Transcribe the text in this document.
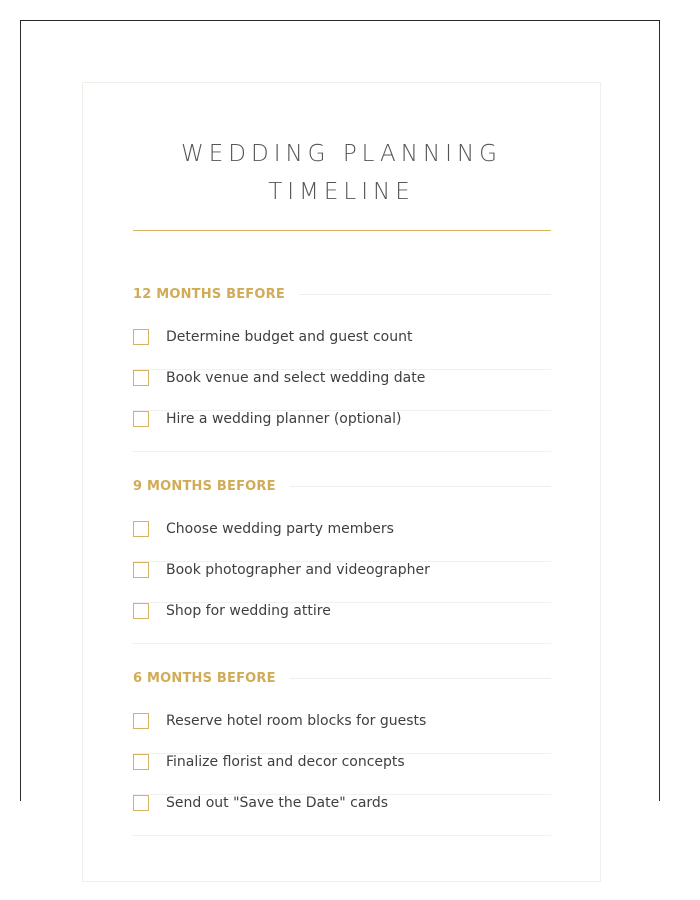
WEDDING PLANNING
TIMELINE
12 MONTHS BEFORE
Determine budget and guest count
Book venue and select wedding date
Hire a wedding planner (optional)
9 MONTHS BEFORE
Choose wedding party members
Book photographer and videographer
Shop for wedding attire
6 MONTHS BEFORE
Reserve hotel room blocks for guests
Finalize florist and decor concepts
Send out "Save the Date" cards
